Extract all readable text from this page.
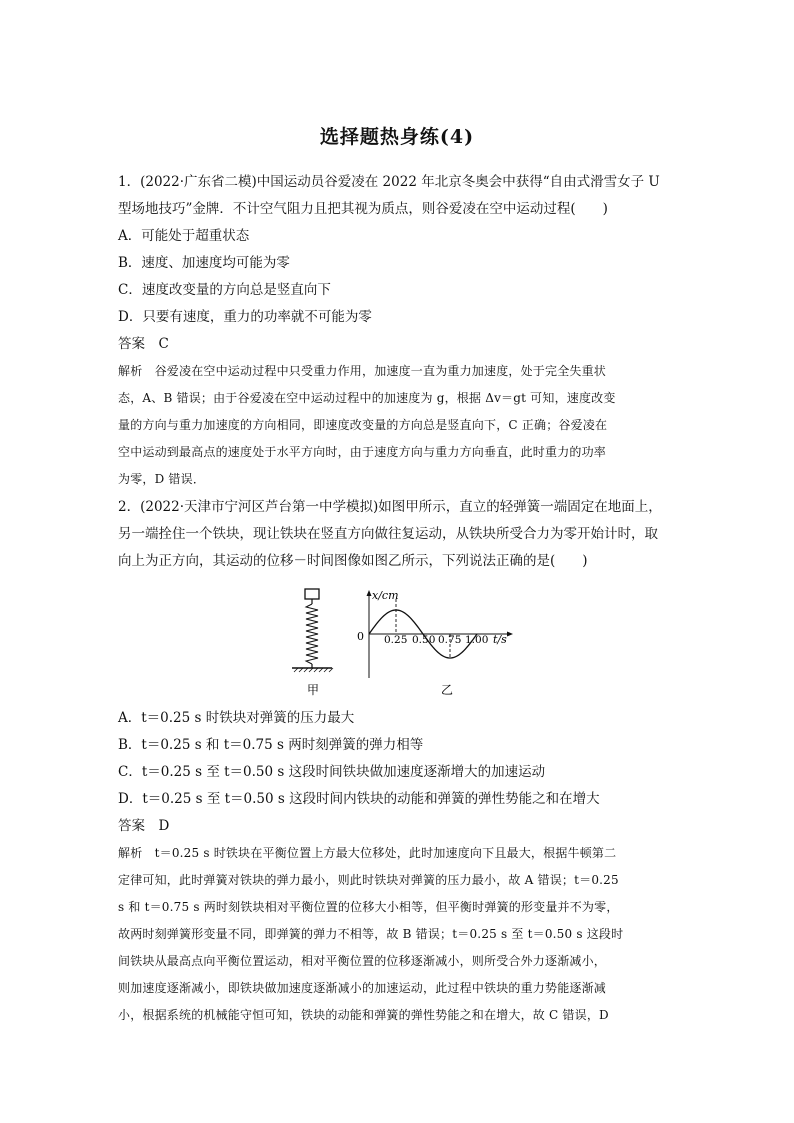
选择题热身练(4)
1．(2022·广东省二模)中国运动员谷爱凌在 2022 年北京冬奥会中获得“自由式滑雪女子 U
型场地技巧”金牌．不计空气阻力且把其视为质点，则谷爱凌在空中运动过程(　　)
A．可能处于超重状态
B．速度、加速度均可能为零
C．速度改变量的方向总是竖直向下
D．只要有速度，重力的功率就不可能为零
答案　C
解析　谷爱凌在空中运动过程中只受重力作用，加速度一直为重力加速度，处于完全失重状
态，A、B 错误；由于谷爱凌在空中运动过程中的加速度为 g，根据 Δv＝gt 可知，速度改变
量的方向与重力加速度的方向相同，即速度改变量的方向总是竖直向下，C 正确；谷爱凌在
空中运动到最高点的速度处于水平方向时，由于速度方向与重力方向垂直，此时重力的功率
为零，D 错误．
2．(2022·天津市宁河区芦台第一中学模拟)如图甲所示，直立的轻弹簧一端固定在地面上，
另一端拴住一个铁块，现让铁块在竖直方向做往复运动，从铁块所受合力为零开始计时，取
向上为正方向，其运动的位移－时间图像如图乙所示，下列说法正确的是(　　)
x/cm
0 0.25 0.50 0.75 1.00 t/s
甲	乙
A．t＝0.25 s 时铁块对弹簧的压力最大
B．t＝0.25 s 和 t＝0.75 s 两时刻弹簧的弹力相等
C．t＝0.25 s 至 t＝0.50 s 这段时间铁块做加速度逐渐增大的加速运动
D．t＝0.25 s 至 t＝0.50 s 这段时间内铁块的动能和弹簧的弹性势能之和在增大
答案　D
解析　t＝0.25 s 时铁块在平衡位置上方最大位移处，此时加速度向下且最大，根据牛顿第二
定律可知，此时弹簧对铁块的弹力最小，则此时铁块对弹簧的压力最小，故 A 错误；t＝0.25
s 和 t＝0.75 s 两时刻铁块相对平衡位置的位移大小相等，但平衡时弹簧的形变量并不为零，
故两时刻弹簧形变量不同，即弹簧的弹力不相等，故 B 错误；t＝0.25 s 至 t＝0.50 s 这段时
间铁块从最高点向平衡位置运动，相对平衡位置的位移逐渐减小，则所受合外力逐渐减小，
则加速度逐渐减小，即铁块做加速度逐渐减小的加速运动，此过程中铁块的重力势能逐渐减
小，根据系统的机械能守恒可知，铁块的动能和弹簧的弹性势能之和在增大，故 C 错误，D
